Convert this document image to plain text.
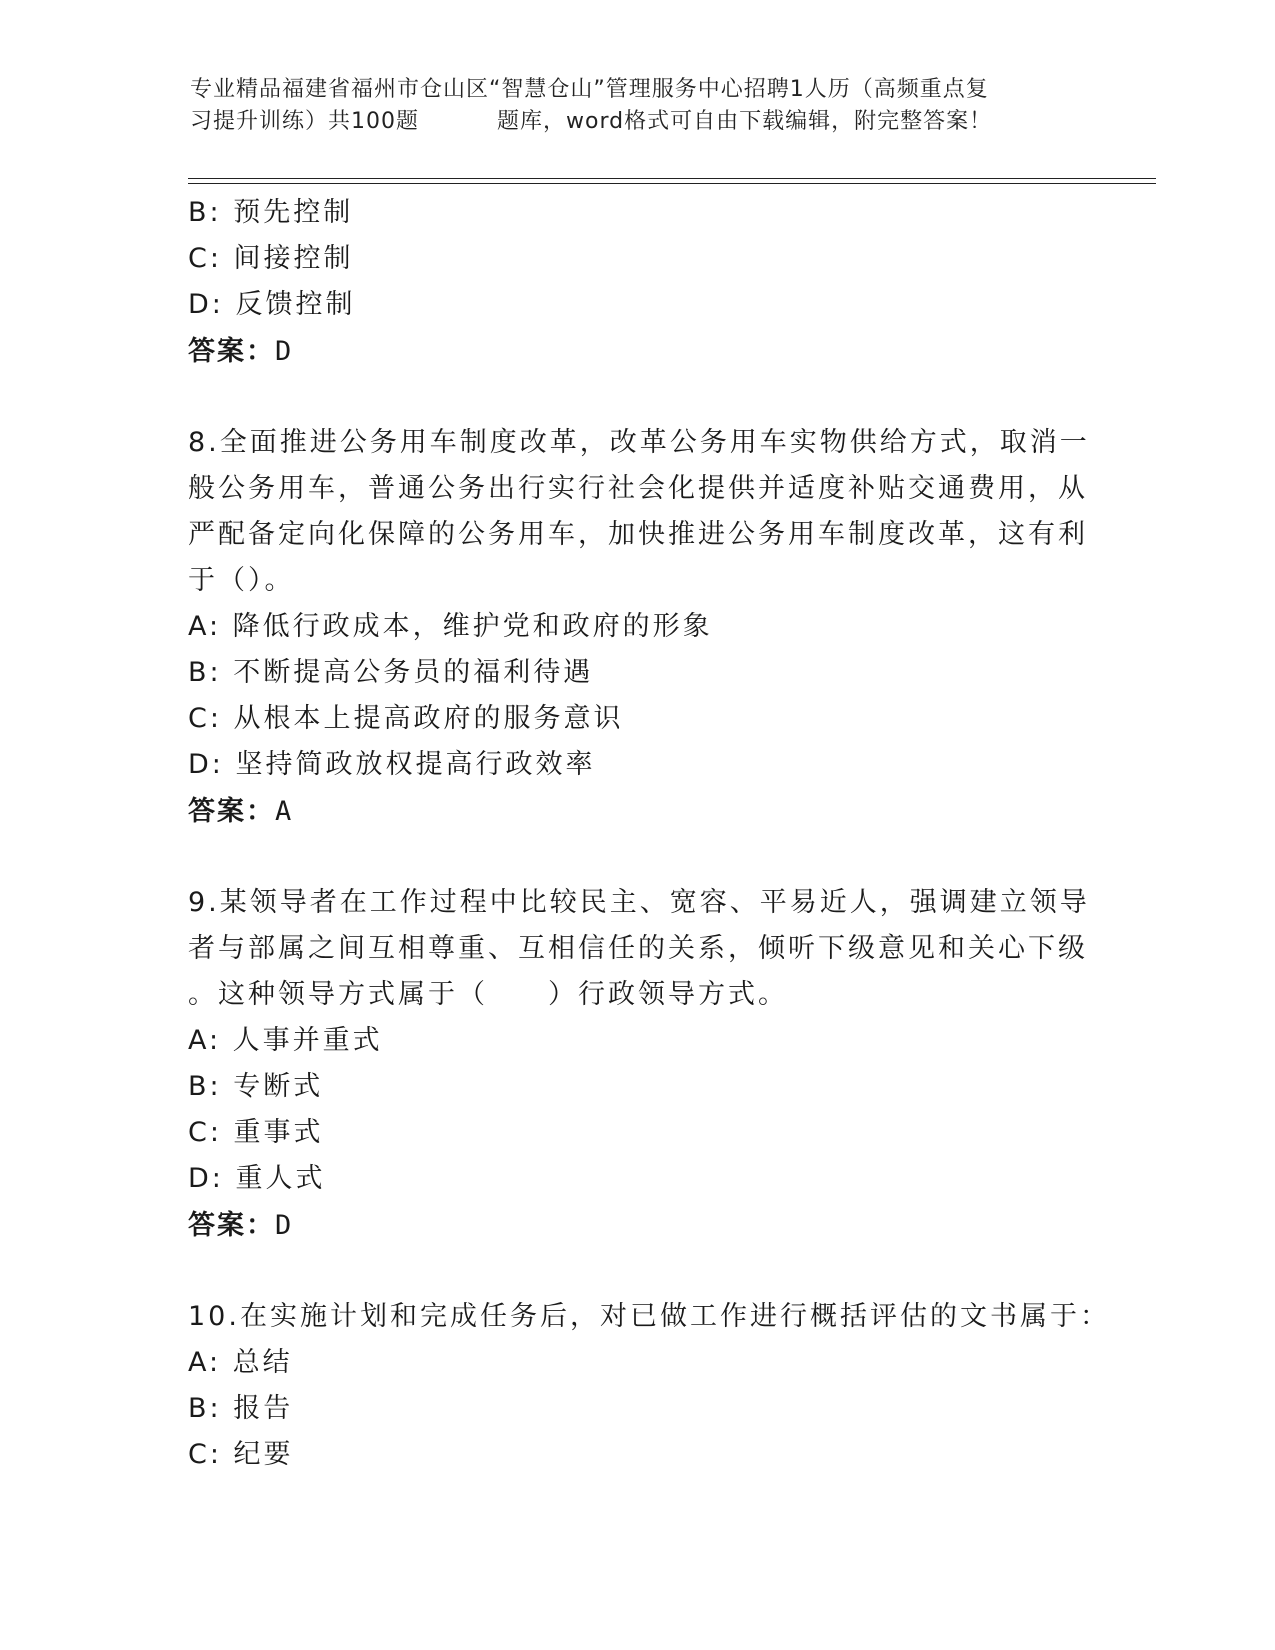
专业精品福建省福州市仓山区“智慧仓山”管理服务中心招聘1人历（高频重点复
习提升训练）共100题	题库，word格式可自由下载编辑，附完整答案！
B: 预先控制
C: 间接控制
D: 反馈控制
答案：D
8.全面推进公务用车制度改革，改革公务用车实物供给方式，取消一
般公务用车，普通公务出行实行社会化提供并适度补贴交通费用，从
严配备定向化保障的公务用车，加快推进公务用车制度改革，这有利
于（）。
A: 降低行政成本，维护党和政府的形象
B: 不断提高公务员的福利待遇
C: 从根本上提高政府的服务意识
D: 坚持简政放权提高行政效率
答案：A
9.某领导者在工作过程中比较民主、宽容、平易近人，强调建立领导
者与部属之间互相尊重、互相信任的关系，倾听下级意见和关心下级
。这种领导方式属于（　　）行政领导方式。
A: 人事并重式
B: 专断式
C: 重事式
D: 重人式
答案：D
10.在实施计划和完成任务后，对已做工作进行概括评估的文书属于：
A: 总结
B: 报告
C: 纪要
